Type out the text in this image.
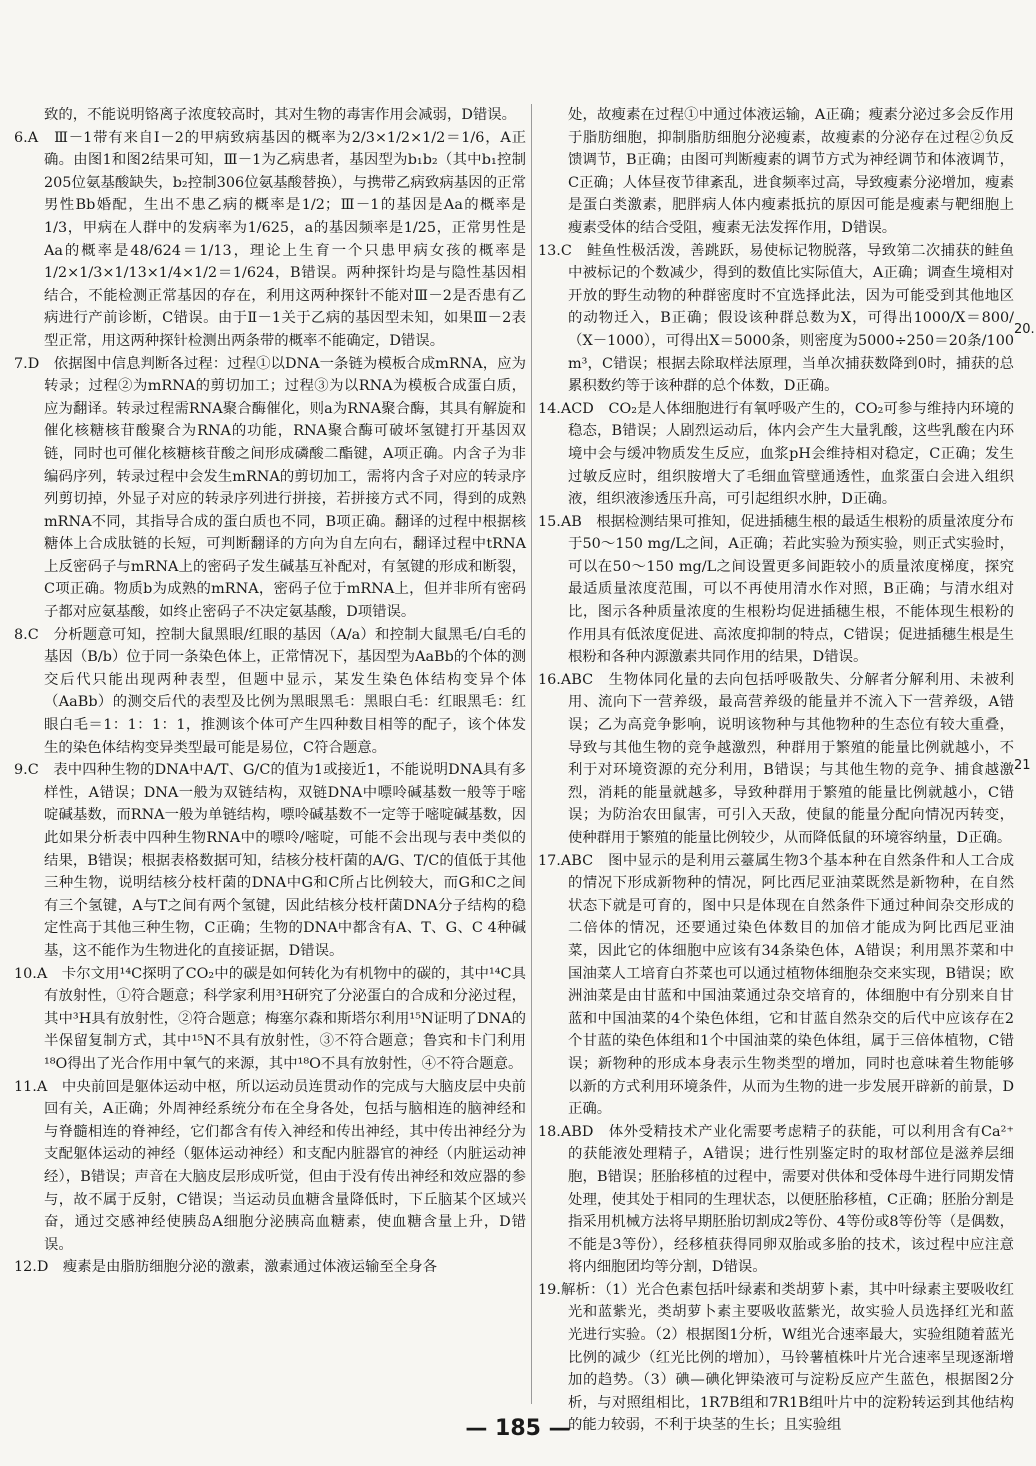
致的，不能说明铬离子浓度较高时，其对生物的毒害作用会减弱，D错误。

6.A　Ⅲ－1带有来自Ⅰ－2的甲病致病基因的概率为2/3×1/2×1/2＝1/6，A正确。由图1和图2结果可知，Ⅲ－1为乙病患者，基因型为b₁b₂（其中b₁控制205位氨基酸缺失，b₂控制306位氨基酸替换），与携带乙病致病基因的正常男性Bb婚配，生出不患乙病的概率是1/2；Ⅲ－1的基因是Aa的概率是1/3，甲病在人群中的发病率为1/625，a的基因频率是1/25，正常男性是Aa的概率是48/624＝1/13，理论上生育一个只患甲病女孩的概率是1/2×1/3×1/13×1/4×1/2＝1/624，B错误。两种探针均是与隐性基因相结合，不能检测正常基因的存在，利用这两种探针不能对Ⅲ－2是否患有乙病进行产前诊断，C错误。由于Ⅱ－1关于乙病的基因型未知，如果Ⅲ－2表型正常，用这两种探针检测出两条带的概率不能确定，D错误。

7.D　依据图中信息判断各过程：过程①以DNA一条链为模板合成mRNA，应为转录；过程②为mRNA的剪切加工；过程③为以RNA为模板合成蛋白质，应为翻译。转录过程需RNA聚合酶催化，则a为RNA聚合酶，其具有解旋和催化核糖核苷酸聚合为RNA的功能，RNA聚合酶可破坏氢键打开基因双链，同时也可催化核糖核苷酸之间形成磷酸二酯键，A项正确。内含子为非编码序列，转录过程中会发生mRNA的剪切加工，需将内含子对应的转录序列剪切掉，外显子对应的转录序列进行拼接，若拼接方式不同，得到的成熟mRNA不同，其指导合成的蛋白质也不同，B项正确。翻译的过程中根据核糖体上合成肽链的长短，可判断翻译的方向为自左向右，翻译过程中tRNA上反密码子与mRNA上的密码子发生碱基互补配对，有氢键的形成和断裂，C项正确。物质b为成熟的mRNA，密码子位于mRNA上，但并非所有密码子都对应氨基酸，如终止密码子不决定氨基酸，D项错误。

8.C　分析题意可知，控制大鼠黑眼/红眼的基因（A/a）和控制大鼠黑毛/白毛的基因（B/b）位于同一条染色体上，正常情况下，基因型为AaBb的个体的测交后代只能出现两种表型，但题中显示，某发生染色体结构变异个体（AaBb）的测交后代的表型及比例为黑眼黑毛：黑眼白毛：红眼黑毛：红眼白毛＝1：1：1：1，推测该个体可产生四种数目相等的配子，该个体发生的染色体结构变异类型最可能是易位，C符合题意。

9.C　表中四种生物的DNA中A/T、G/C的值为1或接近1，不能说明DNA具有多样性，A错误；DNA一般为双链结构，双链DNA中嘌呤碱基数一般等于嘧啶碱基数，而RNA一般为单链结构，嘌呤碱基数不一定等于嘧啶碱基数，因此如果分析表中四种生物RNA中的嘌呤/嘧啶，可能不会出现与表中类似的结果，B错误；根据表格数据可知，结核分枝杆菌的A/G、T/C的值低于其他三种生物，说明结核分枝杆菌的DNA中G和C所占比例较大，而G和C之间有三个氢键，A与T之间有两个氢键，因此结核分枝杆菌DNA分子结构的稳定性高于其他三种生物，C正确；生物的DNA中都含有A、T、G、C 4种碱基，这不能作为生物进化的直接证据，D错误。

10.A　卡尔文用¹⁴C探明了CO₂中的碳是如何转化为有机物中的碳的，其中¹⁴C具有放射性，①符合题意；科学家利用³H研究了分泌蛋白的合成和分泌过程，其中³H具有放射性，②符合题意；梅塞尔森和斯塔尔利用¹⁵N证明了DNA的半保留复制方式，其中¹⁵N不具有放射性，③不符合题意；鲁宾和卡门利用¹⁸O得出了光合作用中氧气的来源，其中¹⁸O不具有放射性，④不符合题意。

11.A　中央前回是躯体运动中枢，所以运动员连贯动作的完成与大脑皮层中央前回有关，A正确；外周神经系统分布在全身各处，包括与脑相连的脑神经和与脊髓相连的脊神经，它们都含有传入神经和传出神经，其中传出神经分为支配躯体运动的神经（躯体运动神经）和支配内脏器官的神经（内脏运动神经），B错误；声音在大脑皮层形成听觉，但由于没有传出神经和效应器的参与，故不属于反射，C错误；当运动员血糖含量降低时，下丘脑某个区域兴奋，通过交感神经使胰岛A细胞分泌胰高血糖素，使血糖含量上升，D错误。

12.D　瘦素是由脂肪细胞分泌的激素，激素通过体液运输至全身各

处，故瘦素在过程①中通过体液运输，A正确；瘦素分泌过多会反作用于脂肪细胞，抑制脂肪细胞分泌瘦素，故瘦素的分泌存在过程②负反馈调节，B正确；由图可判断瘦素的调节方式为神经调节和体液调节，C正确；人体昼夜节律紊乱，进食频率过高，导致瘦素分泌增加，瘦素是蛋白类激素，肥胖病人体内瘦素抵抗的原因可能是瘦素与靶细胞上瘦素受体的结合受阻，瘦素无法发挥作用，D错误。

13.C　鲑鱼性极活泼，善跳跃，易使标记物脱落，导致第二次捕获的鲑鱼中被标记的个数减少，得到的数值比实际值大，A正确；调查生境相对开放的野生动物的种群密度时不宜选择此法，因为可能受到其他地区的动物迁入，B正确；假设该种群总数为X，可得出1000/X＝800/（X－1000），可得出X＝5000条，则密度为5000÷250＝20条/100 m³，C错误；根据去除取样法原理，当单次捕获数降到0时，捕获的总累积数约等于该种群的总个体数，D正确。

14.ACD　CO₂是人体细胞进行有氧呼吸产生的，CO₂可参与维持内环境的稳态，B错误；人剧烈运动后，体内会产生大量乳酸，这些乳酸在内环境中会与缓冲物质发生反应，血浆pH会维持相对稳定，C正确；发生过敏反应时，组织胺增大了毛细血管壁通透性，血浆蛋白会进入组织液，组织液渗透压升高，可引起组织水肿，D正确。

15.AB　根据检测结果可推知，促进插穗生根的最适生根粉的质量浓度分布于50～150 mg/L之间，A正确；若此实验为预实验，则正式实验时，可以在50～150 mg/L之间设置更多间距较小的质量浓度梯度，探究最适质量浓度范围，可以不再使用清水作对照，B正确；与清水组对比，图示各种质量浓度的生根粉均促进插穗生根，不能体现生根粉的作用具有低浓度促进、高浓度抑制的特点，C错误；促进插穗生根是生根粉和各种内源激素共同作用的结果，D错误。

16.ABC　生物体同化量的去向包括呼吸散失、分解者分解利用、未被利用、流向下一营养级，最高营养级的能量并不流入下一营养级，A错误；乙为高竞争影响，说明该物种与其他物种的生态位有较大重叠，导致与其他生物的竞争越激烈，种群用于繁殖的能量比例就越小，不利于对环境资源的充分利用，B错误；与其他生物的竞争、捕食越激烈，消耗的能量就越多，导致种群用于繁殖的能量比例就越小，C错误；为防治农田鼠害，可引入天敌，使鼠的能量分配向情况丙转变，使种群用于繁殖的能量比例较少，从而降低鼠的环境容纳量，D正确。

17.ABC　图中显示的是利用云薹属生物3个基本种在自然条件和人工合成的情况下形成新物种的情况，阿比西尼亚油菜既然是新物种，在自然状态下就是可育的，图中只是体现在自然条件下通过种间杂交形成的二倍体的情况，还要通过染色体数目的加倍才能成为阿比西尼亚油菜，因此它的体细胞中应该有34条染色体，A错误；利用黑芥菜和中国油菜人工培育白芥菜也可以通过植物体细胞杂交来实现，B错误；欧洲油菜是由甘蓝和中国油菜通过杂交培育的，体细胞中有分别来自甘蓝和中国油菜的4个染色体组，它和甘蓝自然杂交的后代中应该存在2个甘蓝的染色体组和1个中国油菜的染色体组，属于三倍体植物，C错误；新物种的形成本身表示生物类型的增加，同时也意味着生物能够以新的方式利用环境条件，从而为生物的进一步发展开辟新的前景，D正确。

18.ABD　体外受精技术产业化需要考虑精子的获能，可以利用含有Ca²⁺的获能液处理精子，A错误；进行性别鉴定时的取材部位是滋养层细胞，B错误；胚胎移植的过程中，需要对供体和受体母牛进行同期发情处理，使其处于相同的生理状态，以便胚胎移植，C正确；胚胎分割是指采用机械方法将早期胚胎切割成2等份、4等份或8等份等（是偶数，不能是3等份），经移植获得同卵双胎或多胎的技术，该过程中应注意将内细胞团均等分割，D错误。

19.解析：（1）光合色素包括叶绿素和类胡萝卜素，其中叶绿素主要吸收红光和蓝紫光，类胡萝卜素主要吸收蓝紫光，故实验人员选择红光和蓝光进行实验。（2）根据图1分析，W组光合速率最大，实验组随着蓝光比例的减少（红光比例的增加），马铃薯植株叶片光合速率呈现逐渐增加的趋势。（3）碘—碘化钾染液可与淀粉反应产生蓝色，根据图2分析，与对照组相比，1R7B组和7R1B组叶片中的淀粉转运到其他结构的能力较弱，不利于块茎的生长；且实验组

20.
21
— 185 —
